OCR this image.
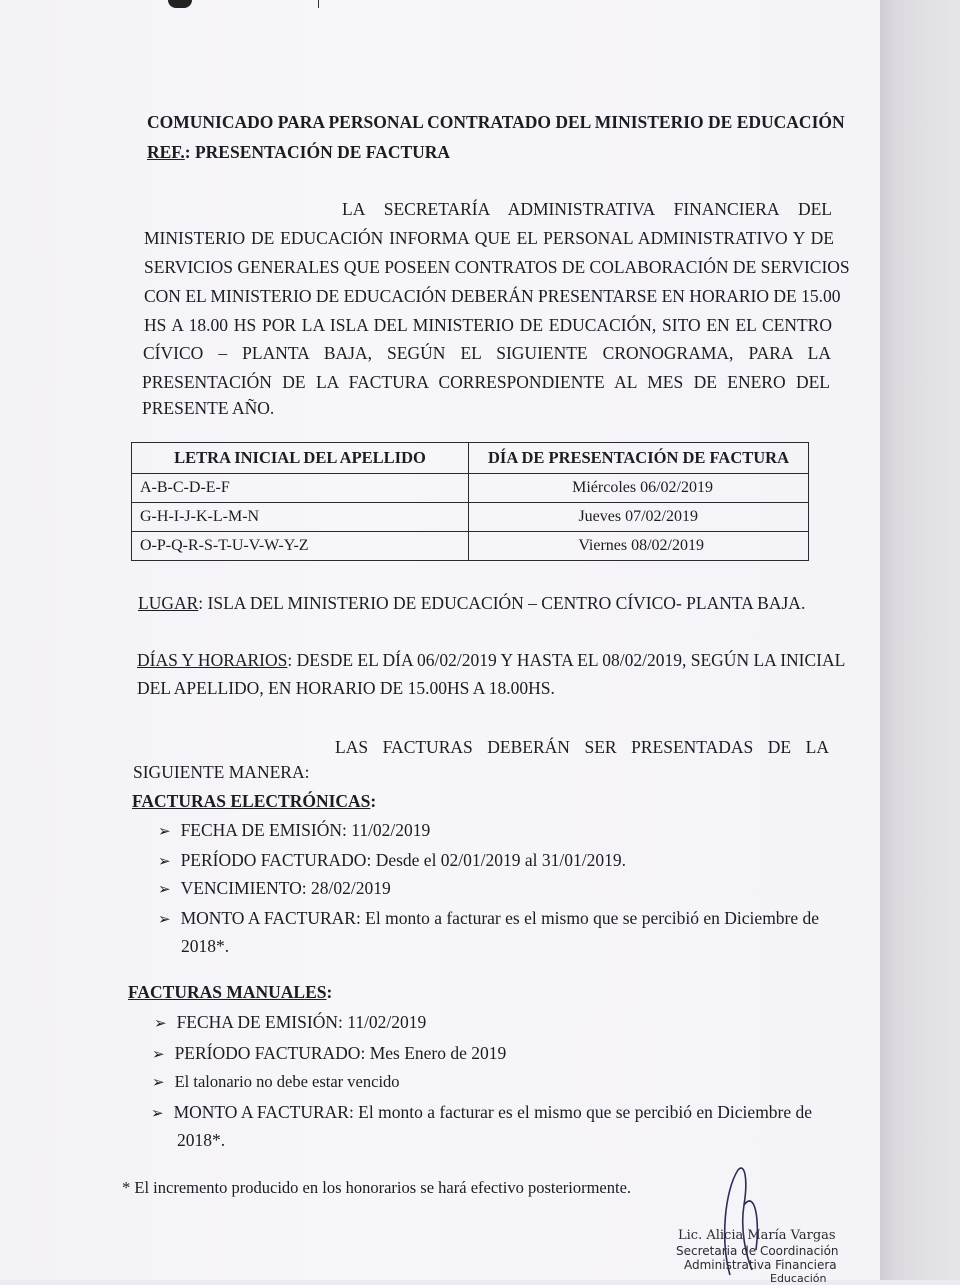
COMUNICADO PARA PERSONAL CONTRATADO DEL MINISTERIO DE EDUCACIÓN
REF.: PRESENTACIÓN DE FACTURA
LA SECRETARÍA ADMINISTRATIVA FINANCIERA DEL
MINISTERIO DE EDUCACIÓN INFORMA QUE EL PERSONAL ADMINISTRATIVO Y DE
SERVICIOS GENERALES QUE POSEEN CONTRATOS DE COLABORACIÓN DE SERVICIOS
CON EL MINISTERIO DE EDUCACIÓN DEBERÁN PRESENTARSE EN HORARIO DE 15.00
HS A 18.00 HS POR LA ISLA DEL MINISTERIO DE EDUCACIÓN, SITO EN EL CENTRO
CÍVICO – PLANTA BAJA, SEGÚN EL SIGUIENTE CRONOGRAMA, PARA LA
PRESENTACIÓN DE LA FACTURA CORRESPONDIENTE AL MES DE ENERO DEL
PRESENTE AÑO.
LETRA INICIAL DEL APELLIDO	DÍA DE PRESENTACIÓN DE FACTURA
A-B-C-D-E-F	Miércoles 06/02/2019
G-H-I-J-K-L-M-N	Jueves 07/02/2019
O-P-Q-R-S-T-U-V-W-Y-Z	Viernes 08/02/2019
LUGAR: ISLA DEL MINISTERIO DE EDUCACIÓN – CENTRO CÍVICO- PLANTA BAJA.
DÍAS Y HORARIOS: DESDE EL DÍA 06/02/2019 Y HASTA EL 08/02/2019, SEGÚN LA INICIAL
DEL APELLIDO, EN HORARIO DE 15.00HS A 18.00HS.
LAS FACTURAS DEBERÁN SER PRESENTADAS DE LA
SIGUIENTE MANERA:
FACTURAS ELECTRÓNICAS:
➢ FECHA DE EMISIÓN: 11/02/2019
➢ PERÍODO FACTURADO: Desde el 02/01/2019 al 31/01/2019.
➢ VENCIMIENTO: 28/02/2019
➢ MONTO A FACTURAR: El monto a facturar es el mismo que se percibió en Diciembre de
2018*.
FACTURAS MANUALES:
➢ FECHA DE EMISIÓN: 11/02/2019
➢ PERÍODO FACTURADO: Mes Enero de 2019
➢ El talonario no debe estar vencido
➢ MONTO A FACTURAR: El monto a facturar es el mismo que se percibió en Diciembre de
2018*.
* El incremento producido en los honorarios se hará efectivo posteriormente.
Lic. Alicia María Vargas
Secretaria de Coordinación
Administrativa Financiera
Educación
